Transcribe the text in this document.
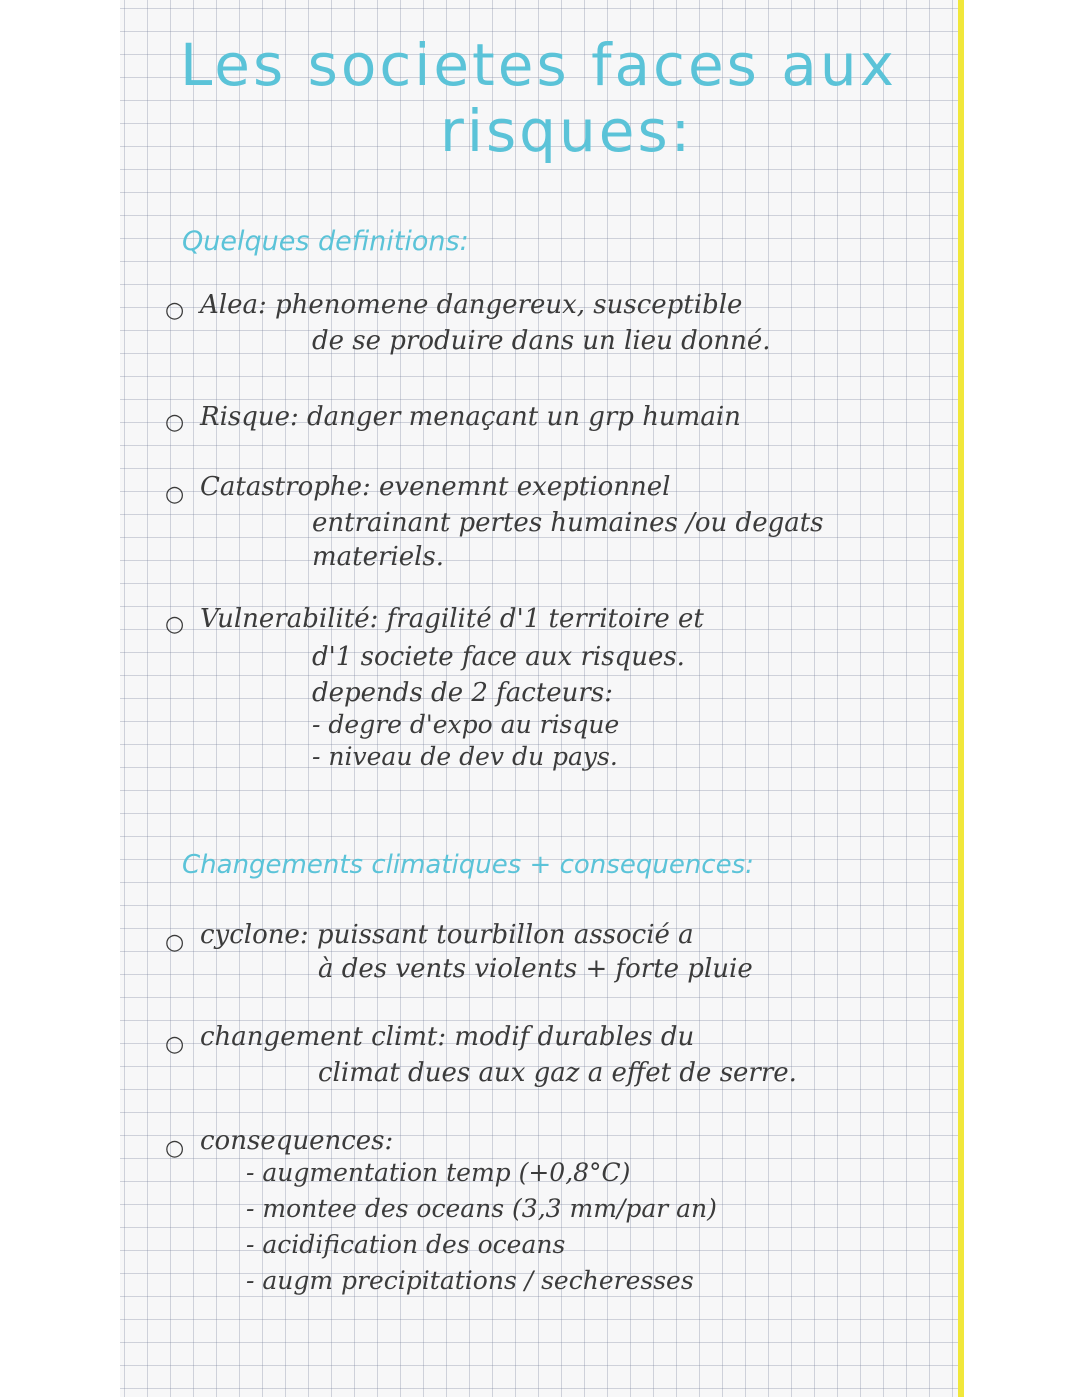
Les societes faces aux
risques:
Quelques definitions:
○ Alea: phenomene dangereux, susceptible
de se produire dans un lieu donné.
○ Risque: danger menaçant un grp humain
○ Catastrophe: evenemnt exeptionnel
entrainant pertes humaines /ou degats
materiels.
○ Vulnerabilité: fragilité d'1 territoire et
d'1 societe face aux risques.
depends de 2 facteurs:
- degre d'expo au risque
- niveau de dev du pays.
Changements climatiques + consequences:
○ cyclone: puissant tourbillon associé a
à des vents violents + forte pluie
○ changement climt: modif durables du
climat dues aux gaz a effet de serre.
○ consequences:
- augmentation temp (+0,8°C)
- montee des oceans (3,3 mm/par an)
- acidification des oceans
- augm precipitations / secheresses
